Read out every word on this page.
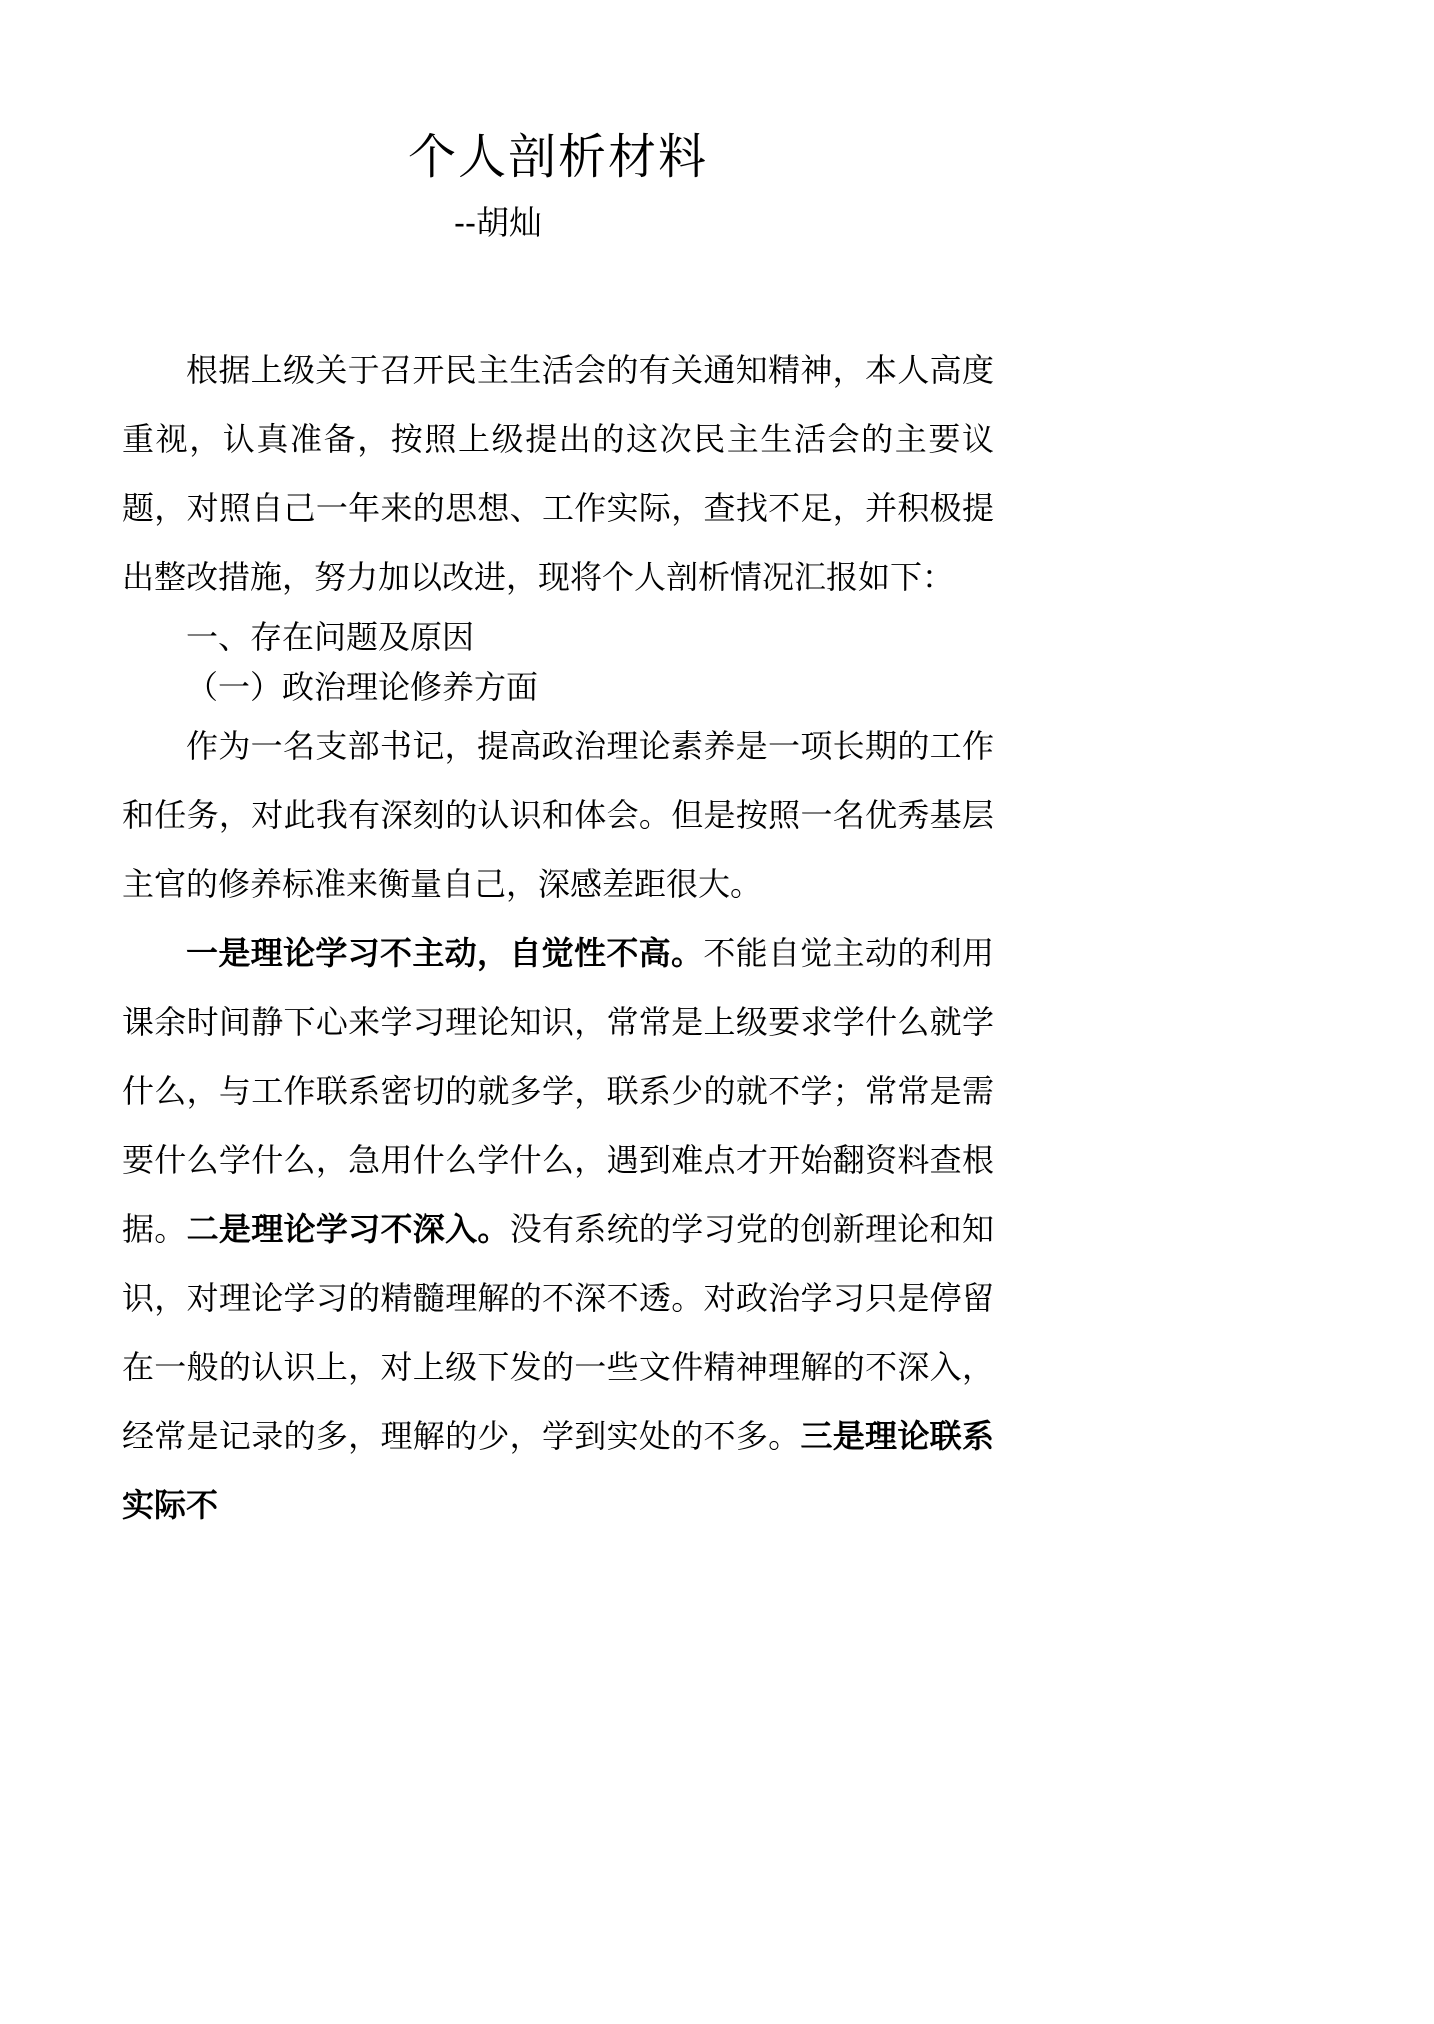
个人剖析材料
--胡灿

根据上级关于召开民主生活会的有关通知精神，本人高度重视，认真准备，按照上级提出的这次民主生活会的主要议题，对照自己一年来的思想、工作实际，查找不足，并积极提出整改措施，努力加以改进，现将个人剖析情况汇报如下：

一、存在问题及原因

（一）政治理论修养方面

作为一名支部书记，提高政治理论素养是一项长期的工作和任务，对此我有深刻的认识和体会。但是按照一名优秀基层主官的修养标准来衡量自己，深感差距很大。

一是理论学习不主动，自觉性不高。不能自觉主动的利用课余时间静下心来学习理论知识，常常是上级要求学什么就学什么，与工作联系密切的就多学，联系少的就不学；常常是需要什么学什么，急用什么学什么，遇到难点才开始翻资料查根据。二是理论学习不深入。没有系统的学习党的创新理论和知识，对理论学习的精髓理解的不深不透。对政治学习只是停留在一般的认识上，对上级下发的一些文件精神理解的不深入，经常是记录的多，理解的少，学到实处的不多。三是理论联系实际不
